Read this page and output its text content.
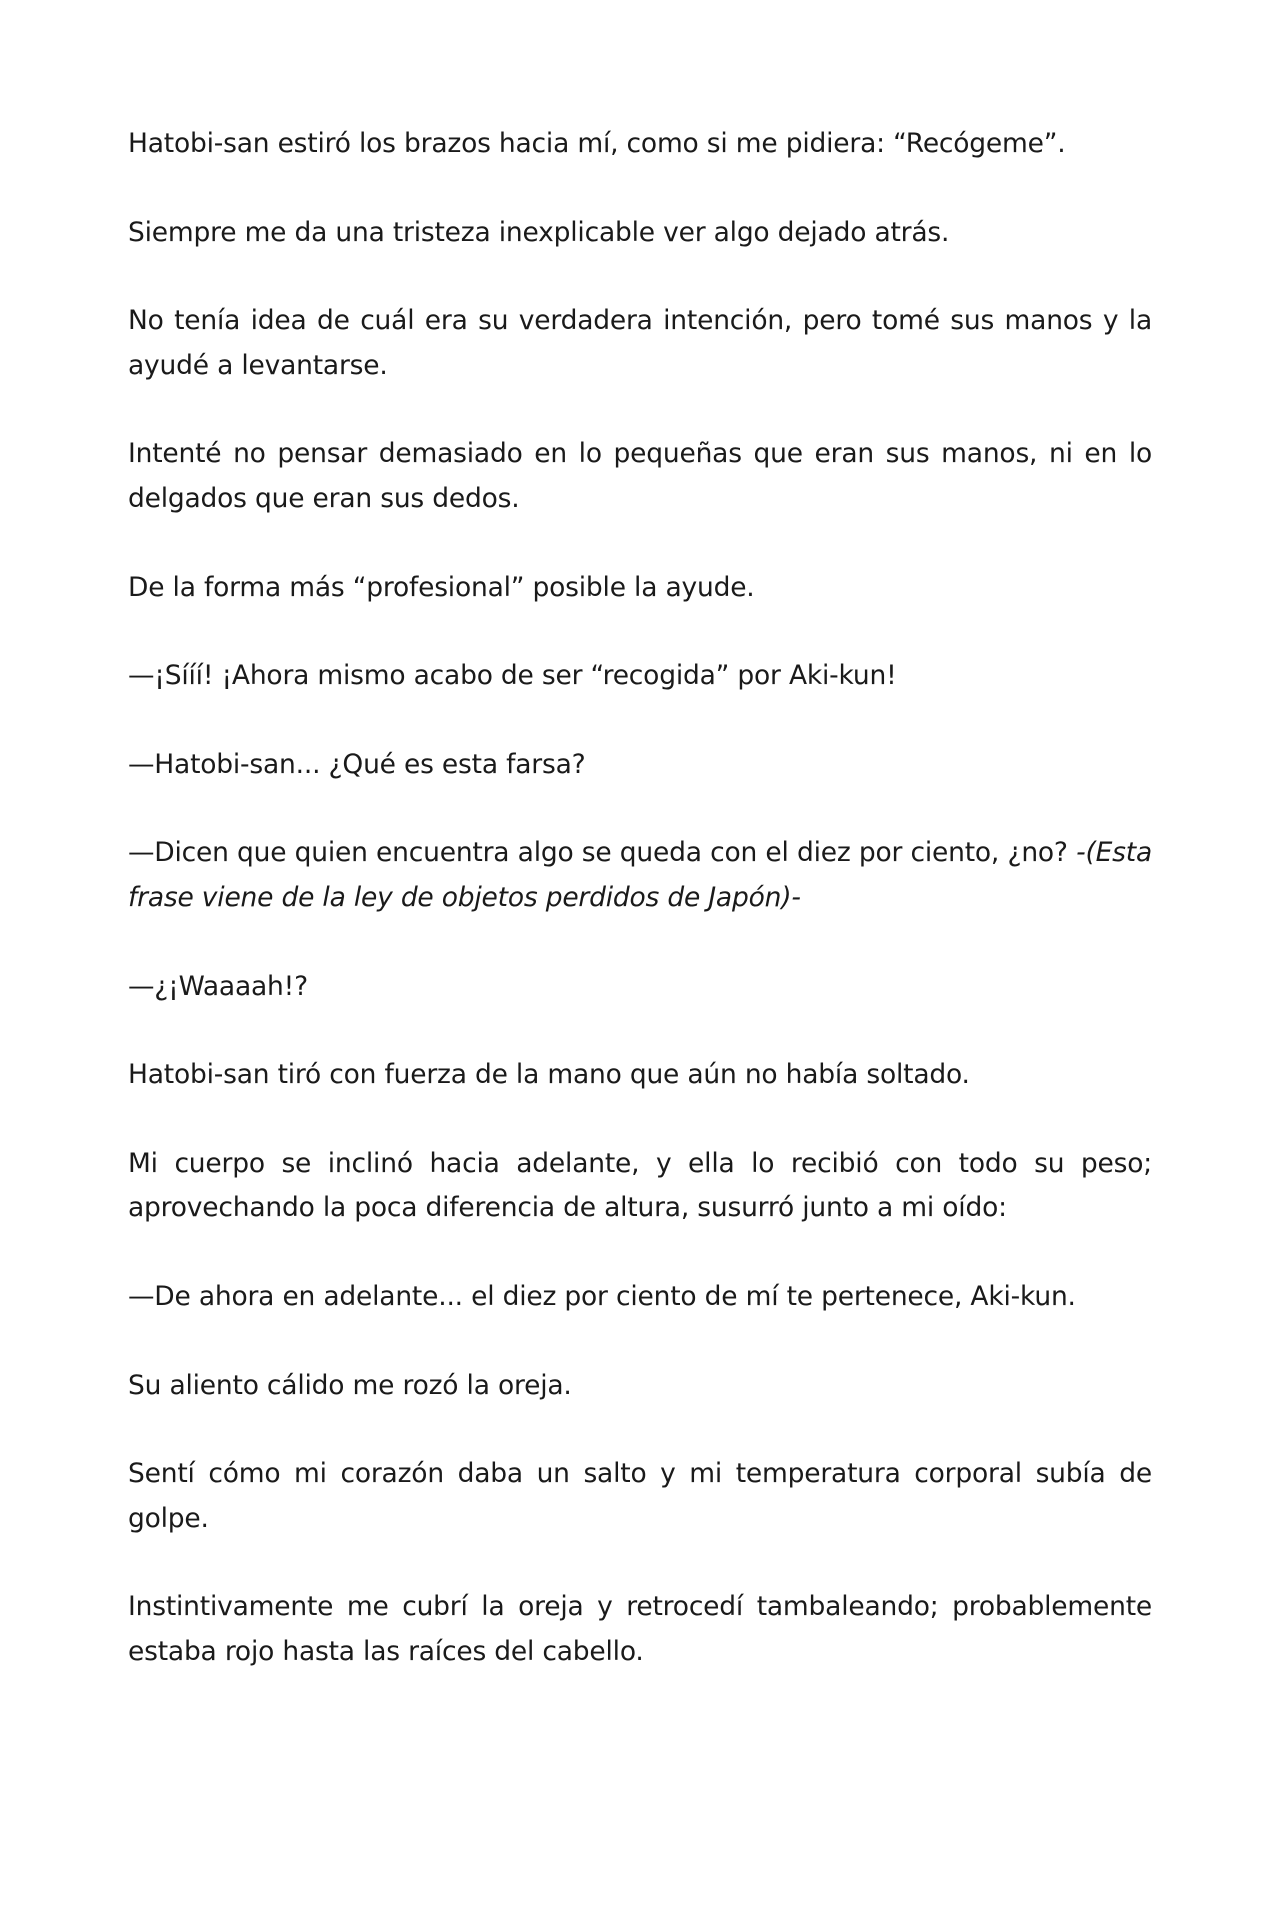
Hatobi-san estiró los brazos hacia mí, como si me pidiera: “Recógeme”.

Siempre me da una tristeza inexplicable ver algo dejado atrás.

No tenía idea de cuál era su verdadera intención, pero tomé sus manos y la ayudé a levantarse.

Intenté no pensar demasiado en lo pequeñas que eran sus manos, ni en lo delgados que eran sus dedos.

De la forma más “profesional” posible la ayude.

—¡Sííí! ¡Ahora mismo acabo de ser “recogida” por Aki-kun!

—Hatobi-san... ¿Qué es esta farsa?

—Dicen que quien encuentra algo se queda con el diez por ciento, ¿no? -(Esta frase viene de la ley de objetos perdidos de Japón)-

—¿¡Waaaah!?

Hatobi-san tiró con fuerza de la mano que aún no había soltado.

Mi cuerpo se inclinó hacia adelante, y ella lo recibió con todo su peso; aprovechando la poca diferencia de altura, susurró junto a mi oído:

—De ahora en adelante... el diez por ciento de mí te pertenece, Aki-kun.

Su aliento cálido me rozó la oreja.

Sentí cómo mi corazón daba un salto y mi temperatura corporal subía de golpe.

Instintivamente me cubrí la oreja y retrocedí tambaleando; probablemente estaba rojo hasta las raíces del cabello.
